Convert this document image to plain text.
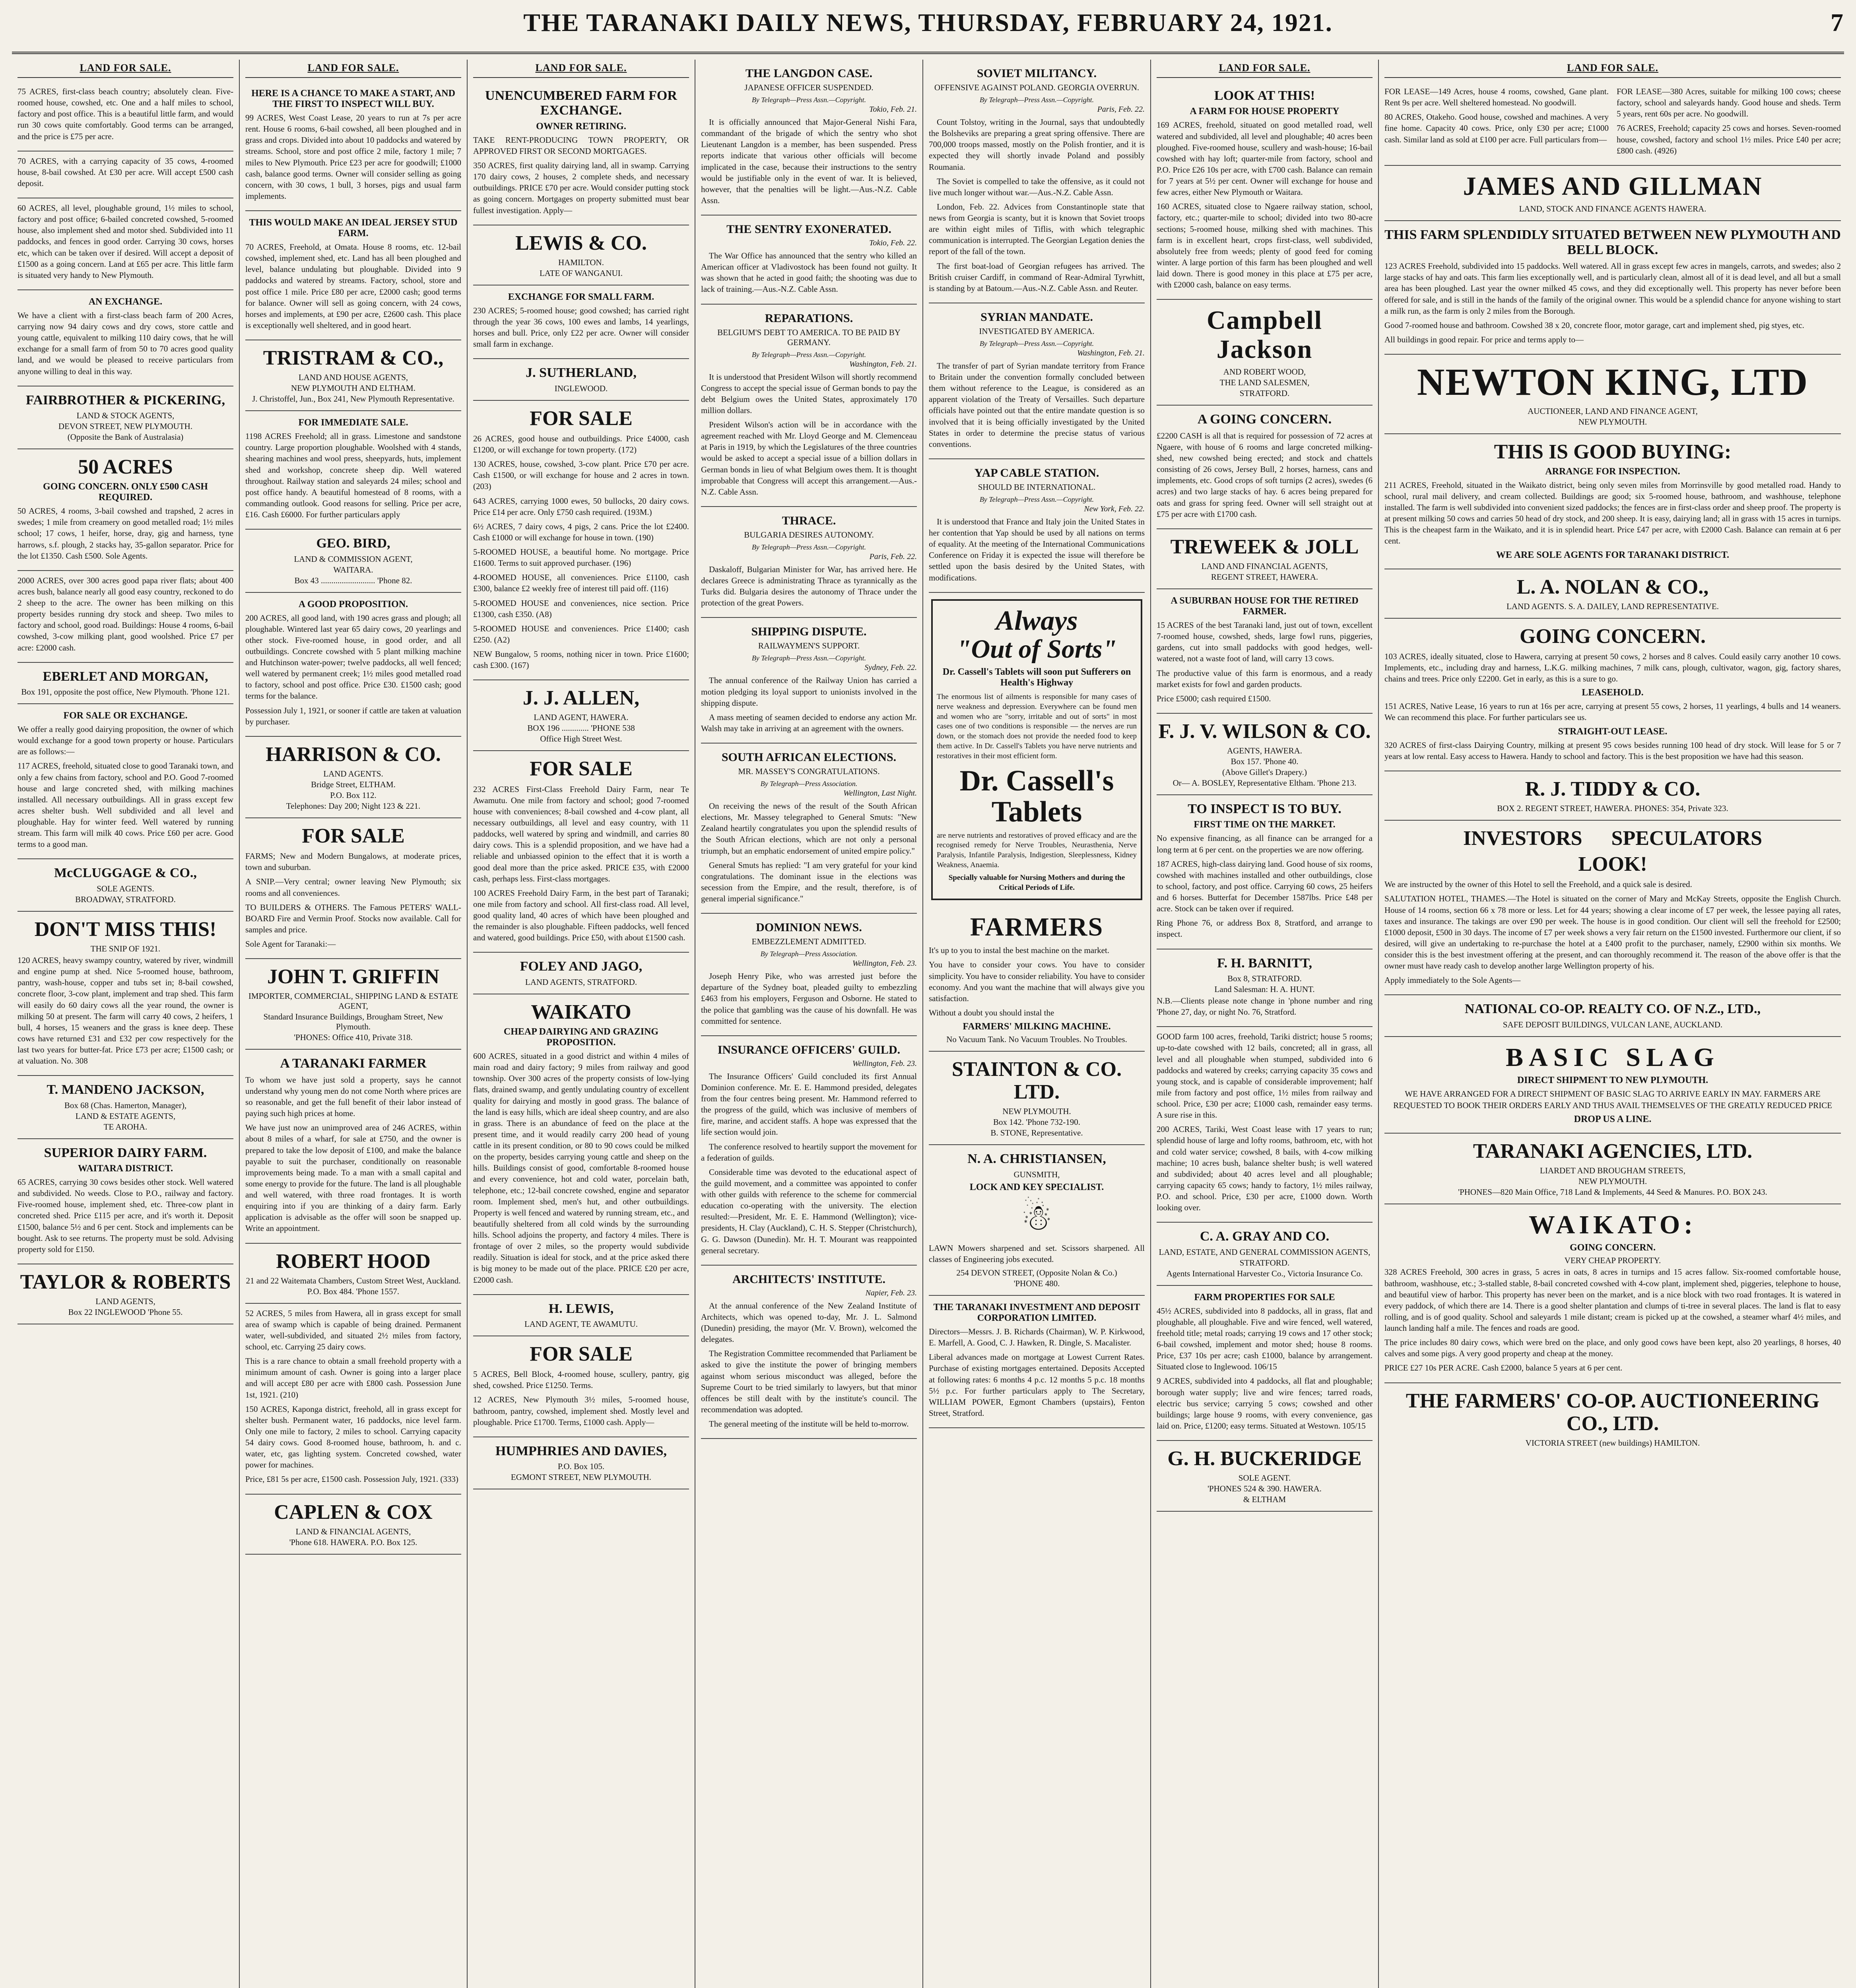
THE TARANAKI DAILY NEWS, THURSDAY, FEBRUARY 24, 1921.	7
LAND FOR SALE.

75 ACRES, first-class beach country; absolutely clean. Five-roomed house, cowshed, etc. One and a half miles to school, factory and post office. This is a beautiful little farm, and would run 30 cows quite comfortably. Good terms can be arranged, and the price is £75 per acre.

70 ACRES, with a carrying capacity of 35 cows, 4-roomed house, 8-bail cowshed. At £30 per acre. Will accept £500 cash deposit.

60 ACRES, all level, ploughable ground, 1½ miles to school, factory and post office; 6-bailed concreted cowshed, 5-roomed house, also implement shed and motor shed. Subdivided into 11 paddocks, and fences in good order. Carrying 30 cows, horses etc, which can be taken over if desired. Will accept a deposit of £1500 as a going concern. Land at £65 per acre. This little farm is situated very handy to New Plymouth.

AN EXCHANGE.

We have a client with a first-class beach farm of 200 Acres, carrying now 94 dairy cows and dry cows, store cattle and young cattle, equivalent to milking 110 dairy cows, that he will exchange for a small farm of from 50 to 70 acres good quality land, and we would be pleased to receive particulars from anyone willing to deal in this way.

FAIRBROTHER & PICKERING,
LAND & STOCK AGENTS,
DEVON STREET, NEW PLYMOUTH.
(Opposite the Bank of Australasia)
50 ACRES
GOING CONCERN. ONLY £500 CASH REQUIRED.

50 ACRES, 4 rooms, 3-bail cowshed and trapshed, 2 acres in swedes; 1 mile from creamery on good metalled road; 1½ miles school; 17 cows, 1 heifer, horse, dray, gig and harness, tyne harrows, s.f. plough, 2 stacks hay, 35-gallon separator. Price for the lot £1350. Cash £500. Sole Agents.

2000 ACRES, over 300 acres good papa river flats; about 400 acres bush, balance nearly all good easy country, reckoned to do 2 sheep to the acre. The owner has been milking on this property besides running dry stock and sheep. Two miles to factory and school, good road. Buildings: House 4 rooms, 6-bail cowshed, 3-cow milking plant, good woolshed. Price £7 per acre: £2000 cash.

EBERLET AND MORGAN,
Box 191, opposite the post office, New Plymouth. 'Phone 121.
FOR SALE OR EXCHANGE.

We offer a really good dairying proposition, the owner of which would exchange for a good town property or house. Particulars are as follows:—

117 ACRES, freehold, situated close to good Taranaki town, and only a few chains from factory, school and P.O. Good 7-roomed house and large concreted shed, with milking machines installed. All necessary outbuildings. All in grass except few acres shelter bush. Well subdivided and all level and ploughable. Hay for winter feed. Well watered by running stream. This farm will milk 40 cows. Price £60 per acre. Good terms to a good man.

McCLUGGAGE & CO.,
SOLE AGENTS.
BROADWAY, STRATFORD.
DON'T MISS THIS!
THE SNIP OF 1921.

120 ACRES, heavy swampy country, watered by river, windmill and engine pump at shed. Nice 5-roomed house, bathroom, pantry, wash-house, copper and tubs set in; 8-bail cowshed, concrete floor, 3-cow plant, implement and trap shed. This farm will easily do 60 dairy cows all the year round, the owner is milking 50 at present. The farm will carry 40 cows, 2 heifers, 1 bull, 4 horses, 15 weaners and the grass is knee deep. These cows have returned £31 and £32 per cow respectively for the last two years for butter-fat. Price £73 per acre; £1500 cash; or at valuation. No. 308

T. MANDENO JACKSON,
Box 68 (Chas. Hamerton, Manager),
LAND & ESTATE AGENTS,
TE AROHA.
SUPERIOR DAIRY FARM.
WAITARA DISTRICT.

65 ACRES, carrying 30 cows besides other stock. Well watered and subdivided. No weeds. Close to P.O., railway and factory. Five-roomed house, implement shed, etc. Three-cow plant in concreted shed. Price £115 per acre, and it's worth it. Deposit £1500, balance 5½ and 6 per cent. Stock and implements can be bought. Ask to see returns. The property must be sold. Advising property sold for £150.

TAYLOR & ROBERTS
LAND AGENTS,
Box 22 INGLEWOOD 'Phone 55.
LAND FOR SALE.
HERE IS A CHANCE TO MAKE A START, AND THE FIRST TO INSPECT WILL BUY.

99 ACRES, West Coast Lease, 20 years to run at 7s per acre rent. House 6 rooms, 6-bail cowshed, all been ploughed and in grass and crops. Divided into about 10 paddocks and watered by streams. School, store and post office 2 mile, factory 1 mile; 7 miles to New Plymouth. Price £23 per acre for goodwill; £1000 cash, balance good terms. Owner will consider selling as going concern, with 30 cows, 1 bull, 3 horses, pigs and usual farm implements.

THIS WOULD MAKE AN IDEAL JERSEY STUD FARM.

70 ACRES, Freehold, at Omata. House 8 rooms, etc. 12-bail cowshed, implement shed, etc. Land has all been ploughed and level, balance undulating but ploughable. Divided into 9 paddocks and watered by streams. Factory, school, store and post office 1 mile. Price £80 per acre, £2000 cash; good terms for balance. Owner will sell as going concern, with 24 cows, horses and implements, at £90 per acre, £2600 cash. This place is exceptionally well sheltered, and in good heart.

TRISTRAM & CO.,
LAND AND HOUSE AGENTS,
NEW PLYMOUTH AND ELTHAM.
J. Christoffel, Jun., Box 241, New Plymouth Representative.
FOR IMMEDIATE SALE.

1198 ACRES Freehold; all in grass. Limestone and sandstone country. Large proportion ploughable. Woolshed with 4 stands, shearing machines and wool press, sheepyards, huts, implement shed and workshop, concrete sheep dip. Well watered throughout. Railway station and saleyards 24 miles; school and post office handy. A beautiful homestead of 8 rooms, with a commanding outlook. Good reasons for selling. Price per acre, £16. Cash £6000. For further particulars apply

GEO. BIRD,
LAND & COMMISSION AGENT,
WAITARA.
Box 43 .......................... 'Phone 82.
A GOOD PROPOSITION.

200 ACRES, all good land, with 190 acres grass and plough; all ploughable. Wintered last year 65 dairy cows, 20 yearlings and other stock. Five-roomed house, in good order, and all outbuildings. Concrete cowshed with 5 plant milking machine and Hutchinson water-power; twelve paddocks, all well fenced; well watered by permanent creek; 1½ miles good metalled road to factory, school and post office. Price £30. £1500 cash; good terms for the balance.

Possession July 1, 1921, or sooner if cattle are taken at valuation by purchaser.

HARRISON & CO.
LAND AGENTS.
Bridge Street, ELTHAM.
P.O. Box 112.
Telephones: Day 200; Night 123 & 221.
FOR SALE

FARMS; New and Modern Bungalows, at moderate prices, town and suburban.

A SNIP.—Very central; owner leaving New Plymouth; six rooms and all conveniences.

TO BUILDERS & OTHERS. The Famous PETERS' WALL-BOARD Fire and Vermin Proof. Stocks now available. Call for samples and price.

Sole Agent for Taranaki:—

JOHN T. GRIFFIN
IMPORTER, COMMERCIAL, SHIPPING LAND & ESTATE AGENT,
Standard Insurance Buildings, Brougham Street, New Plymouth.
'PHONES: Office 410, Private 318.
A TARANAKI FARMER

To whom we have just sold a property, says he cannot understand why young men do not come North where prices are so reasonable, and get the full benefit of their labor instead of paying such high prices at home.

We have just now an unimproved area of 246 ACRES, within about 8 miles of a wharf, for sale at £750, and the owner is prepared to take the low deposit of £100, and make the balance payable to suit the purchaser, conditionally on reasonable improvements being made. To a man with a small capital and some energy to provide for the future. The land is all ploughable and well watered, with three road frontages. It is worth enquiring into if you are thinking of a dairy farm. Early application is advisable as the offer will soon be snapped up. Write an appointment.

ROBERT HOOD
21 and 22 Waitemata Chambers, Custom Street West, Auckland.
P.O. Box 484. 'Phone 1557.

52 ACRES, 5 miles from Hawera, all in grass except for small area of swamp which is capable of being drained. Permanent water, well-subdivided, and situated 2½ miles from factory, school, etc. Carrying 25 dairy cows.

This is a rare chance to obtain a small freehold property with a minimum amount of cash. Owner is going into a larger place and will accept £80 per acre with £800 cash. Possession June 1st, 1921. (210)

150 ACRES, Kaponga district, freehold, all in grass except for shelter bush. Permanent water, 16 paddocks, nice level farm. Only one mile to factory, 2 miles to school. Carrying capacity 54 dairy cows. Good 8-roomed house, bathroom, h. and c. water, etc, gas lighting system. Concreted cowshed, water power for machines.

Price, £81 5s per acre, £1500 cash. Possession July, 1921. (333)

CAPLEN & COX
LAND & FINANCIAL AGENTS,
'Phone 618. HAWERA. P.O. Box 125.
LAND FOR SALE.
UNENCUMBERED FARM FOR EXCHANGE.
OWNER RETIRING.

TAKE RENT-PRODUCING TOWN PROPERTY, OR APPROVED FIRST OR SECOND MORTGAGES.

350 ACRES, first quality dairying land, all in swamp. Carrying 170 dairy cows, 2 houses, 2 complete sheds, and necessary outbuildings. PRICE £70 per acre. Would consider putting stock as going concern. Mortgages on property submitted must bear fullest investigation. Apply—

LEWIS & CO.
HAMILTON.
LATE OF WANGANUI.
EXCHANGE FOR SMALL FARM.

230 ACRES; 5-roomed house; good cowshed; has carried right through the year 36 cows, 100 ewes and lambs, 14 yearlings, horses and bull. Price, only £22 per acre. Owner will consider small farm in exchange.

J. SUTHERLAND,
INGLEWOOD.
FOR SALE

26 ACRES, good house and outbuildings. Price £4000, cash £1200, or will exchange for town property. (172)

130 ACRES, house, cowshed, 3-cow plant. Price £70 per acre. Cash £1500, or will exchange for house and 2 acres in town. (203)

643 ACRES, carrying 1000 ewes, 50 bullocks, 20 dairy cows. Price £14 per acre. Only £750 cash required. (193M.)

6½ ACRES, 7 dairy cows, 4 pigs, 2 cans. Price the lot £2400. Cash £1000 or will exchange for house in town. (190)

5-ROOMED HOUSE, a beautiful home. No mortgage. Price £1600. Terms to suit approved purchaser. (196)

4-ROOMED HOUSE, all conveniences. Price £1100, cash £300, balance £2 weekly free of interest till paid off. (116)

5-ROOMED HOUSE and conveniences, nice section. Price £1300, cash £350. (A8)

5-ROOMED HOUSE and conveniences. Price £1400; cash £250. (A2)

NEW Bungalow, 5 rooms, nothing nicer in town. Price £1600; cash £300. (167)

J. J. ALLEN,
LAND AGENT, HAWERA.
BOX 196 ............. 'PHONE 538
Office High Street West.
FOR SALE

232 ACRES First-Class Freehold Dairy Farm, near Te Awamutu. One mile from factory and school; good 7-roomed house with conveniences; 8-bail cowshed and 4-cow plant, all necessary outbuildings, all level and easy country, with 11 paddocks, well watered by spring and windmill, and carries 80 dairy cows. This is a splendid proposition, and we have had a reliable and unbiassed opinion to the effect that it is worth a good deal more than the price asked. PRICE £35, with £2000 cash, perhaps less. First-class mortgages.

100 ACRES Freehold Dairy Farm, in the best part of Taranaki; one mile from factory and school. All first-class road. All level, good quality land, 40 acres of which have been ploughed and the remainder is also ploughable. Fifteen paddocks, well fenced and watered, good buildings. Price £50, with about £1500 cash.

FOLEY AND JAGO,
LAND AGENTS, STRATFORD.
WAIKATO
CHEAP DAIRYING AND GRAZING PROPOSITION.

600 ACRES, situated in a good district and within 4 miles of main road and dairy factory; 9 miles from railway and good township. Over 300 acres of the property consists of low-lying flats, drained swamp, and gently undulating country of excellent quality for dairying and mostly in good grass. The balance of the land is easy hills, which are ideal sheep country, and are also in grass. There is an abundance of feed on the place at the present time, and it would readily carry 200 head of young cattle in its present condition, or 80 to 90 cows could be milked on the property, besides carrying young cattle and sheep on the hills. Buildings consist of good, comfortable 8-roomed house and every convenience, hot and cold water, porcelain bath, telephone, etc.; 12-bail concrete cowshed, engine and separator room. Implement shed, men's hut, and other outbuildings. Property is well fenced and watered by running stream, etc., and beautifully sheltered from all cold winds by the surrounding hills. School adjoins the property, and factory 4 miles. There is frontage of over 2 miles, so the property would subdivide readily. Situation is ideal for stock, and at the price asked there is big money to be made out of the place. PRICE £20 per acre, £2000 cash.

H. LEWIS,
LAND AGENT, TE AWAMUTU.
FOR SALE

5 ACRES, Bell Block, 4-roomed house, scullery, pantry, gig shed, cowshed. Price £1250. Terms.

12 ACRES, New Plymouth 3½ miles, 5-roomed house, bathroom, pantry, cowshed, implement shed. Mostly level and ploughable. Price £1700. Terms, £1000 cash. Apply—

HUMPHRIES AND DAVIES,
P.O. Box 105.
EGMONT STREET, NEW PLYMOUTH.
THE LANGDON CASE.
JAPANESE OFFICER SUSPENDED.
By Telegraph—Press Assn.—Copyright.
Tokio, Feb. 21.

It is officially announced that Major-General Nishi Fara, commandant of the brigade of which the sentry who shot Lieutenant Langdon is a member, has been suspended. Press reports indicate that various other officials will become implicated in the case, because their instructions to the sentry would be justifiable only in the event of war. It is believed, however, that the penalties will be light.—Aus.-N.Z. Cable Assn.

THE SENTRY EXONERATED.
Tokio, Feb. 22.

The War Office has announced that the sentry who killed an American officer at Vladivostock has been found not guilty. It was shown that he acted in good faith; the shooting was due to lack of training.—Aus.-N.Z. Cable Assn.

REPARATIONS.
BELGIUM'S DEBT TO AMERICA. TO BE PAID BY GERMANY.
By Telegraph—Press Assn.—Copyright.
Washington, Feb. 21.

It is understood that President Wilson will shortly recommend Congress to accept the special issue of German bonds to pay the debt Belgium owes the United States, approximately 170 million dollars.

President Wilson's action will be in accordance with the agreement reached with Mr. Lloyd George and M. Clemenceau at Paris in 1919, by which the Legislatures of the three countries would be asked to accept a special issue of a billion dollars in German bonds in lieu of what Belgium owes them. It is thought improbable that Congress will accept this arrangement.—Aus.-N.Z. Cable Assn.

THRACE.
BULGARIA DESIRES AUTONOMY.
By Telegraph—Press Assn.—Copyright.
Paris, Feb. 22.

Daskaloff, Bulgarian Minister for War, has arrived here. He declares Greece is administrating Thrace as tyrannically as the Turks did. Bulgaria desires the autonomy of Thrace under the protection of the great Powers.

SHIPPING DISPUTE.
RAILWAYMEN'S SUPPORT.
By Telegraph—Press Assn.—Copyright.
Sydney, Feb. 22.

The annual conference of the Railway Union has carried a motion pledging its loyal support to unionists involved in the shipping dispute.

A mass meeting of seamen decided to endorse any action Mr. Walsh may take in arriving at an agreement with the owners.

SOUTH AFRICAN ELECTIONS.
MR. MASSEY'S CONGRATULATIONS.
By Telegraph—Press Association.
Wellington, Last Night.

On receiving the news of the result of the South African elections, Mr. Massey telegraphed to General Smuts: "New Zealand heartily congratulates you upon the splendid results of the South African elections, which are not only a personal triumph, but an emphatic endorsement of united empire policy."

General Smuts has replied: "I am very grateful for your kind congratulations. The dominant issue in the elections was secession from the Empire, and the result, therefore, is of general imperial significance."

DOMINION NEWS.
EMBEZZLEMENT ADMITTED.
By Telegraph—Press Association.
Wellington, Feb. 23.

Joseph Henry Pike, who was arrested just before the departure of the Sydney boat, pleaded guilty to embezzling £463 from his employers, Ferguson and Osborne. He stated to the police that gambling was the cause of his downfall. He was committed for sentence.

INSURANCE OFFICERS' GUILD.
Wellington, Feb. 23.

The Insurance Officers' Guild concluded its first Annual Dominion conference. Mr. E. E. Hammond presided, delegates from the four centres being present. Mr. Hammond referred to the progress of the guild, which was inclusive of members of fire, marine, and accident staffs. A hope was expressed that the life section would join.

The conference resolved to heartily support the movement for a federation of guilds.

Considerable time was devoted to the educational aspect of the guild movement, and a committee was appointed to confer with other guilds with reference to the scheme for commercial education co-operating with the university. The election resulted:—President, Mr. E. E. Hammond (Wellington); vice-presidents, H. Clay (Auckland), C. H. S. Stepper (Christchurch), G. G. Dawson (Dunedin). Mr. H. T. Mourant was reappointed general secretary.

ARCHITECTS' INSTITUTE.
Napier, Feb. 23.

At the annual conference of the New Zealand Institute of Architects, which was opened to-day, Mr. J. L. Salmond (Dunedin) presiding, the mayor (Mr. V. Brown), welcomed the delegates.

The Registration Committee recommended that Parliament be asked to give the institute the power of bringing members against whom serious misconduct was alleged, before the Supreme Court to be tried similarly to lawyers, but that minor offences be still dealt with by the institute's council. The recommendation was adopted.

The general meeting of the institute will be held to-morrow.

SOVIET MILITANCY.
OFFENSIVE AGAINST POLAND. GEORGIA OVERRUN.
By Telegraph—Press Assn.—Copyright.
Paris, Feb. 22.

Count Tolstoy, writing in the Journal, says that undoubtedly the Bolsheviks are preparing a great spring offensive. There are 700,000 troops massed, mostly on the Polish frontier, and it is expected they will shortly invade Poland and possibly Roumania.

The Soviet is compelled to take the offensive, as it could not live much longer without war.—Aus.-N.Z. Cable Assn.

London, Feb. 22. Advices from Constantinople state that news from Georgia is scanty, but it is known that Soviet troops are within eight miles of Tiflis, with which telegraphic communication is interrupted. The Georgian Legation denies the report of the fall of the town.

The first boat-load of Georgian refugees has arrived. The British cruiser Cardiff, in command of Rear-Admiral Tyrwhitt, is standing by at Batoum.—Aus.-N.Z. Cable Assn. and Reuter.

SYRIAN MANDATE.
INVESTIGATED BY AMERICA.
By Telegraph—Press Assn.—Copyright.
Washington, Feb. 21.

The transfer of part of Syrian mandate territory from France to Britain under the convention formally concluded between them without reference to the League, is considered as an apparent violation of the Treaty of Versailles. Such departure officials have pointed out that the entire mandate question is so involved that it is being officially investigated by the United States in order to determine the precise status of various conventions.

YAP CABLE STATION.
SHOULD BE INTERNATIONAL.
By Telegraph—Press Assn.—Copyright.
New York, Feb. 22.

It is understood that France and Italy join the United States in her contention that Yap should be used by all nations on terms of equality. At the meeting of the International Communications Conference on Friday it is expected the issue will therefore be settled upon the basis desired by the United States, with modifications.

Always
"Out of Sorts"
Dr. Cassell's Tablets will soon put Sufferers on Health's Highway
The enormous list of ailments is responsible for many cases of nerve weakness and depression. Everywhere can be found men and women who are "sorry, irritable and out of sorts" in most cases one of two conditions is responsible — the nerves are run down, or the stomach does not provide the needed food to keep them active. In Dr. Cassell's Tablets you have nerve nutrients and restoratives in their most efficient form.
Dr. Cassell's Tablets
are nerve nutrients and restoratives of proved efficacy and are the recognised remedy for Nerve Troubles, Neurasthenia, Nerve Paralysis, Infantile Paralysis, Indigestion, Sleeplessness, Kidney Weakness, Anaemia.
Specially valuable for Nursing Mothers and during the Critical Periods of Life.
FARMERS

It's up to you to instal the best machine on the market.

You have to consider your cows. You have to consider simplicity. You have to consider reliability. You have to consider economy. And you want the machine that will always give you satisfaction.

Without a doubt you should instal the

FARMERS' MILKING MACHINE.
No Vacuum Tank. No Vacuum Troubles. No Troubles.
STAINTON & CO. LTD.
NEW PLYMOUTH.
Box 142. 'Phone 732-190.
B. STONE, Representative.
N. A. CHRISTIANSEN,
GUNSMITH,
LOCK AND KEY SPECIALIST.
☃

LAWN Mowers sharpened and set. Scissors sharpened. All classes of Engineering jobs executed.

254 DEVON STREET, (Opposite Nolan & Co.)
'PHONE 480.
THE TARANAKI INVESTMENT AND DEPOSIT CORPORATION LIMITED.

Directors—Messrs. J. B. Richards (Chairman), W. P. Kirkwood, E. Marfell, A. Good, C. J. Hawken, R. Dingle, S. Macalister.

Liberal advances made on mortgage at Lowest Current Rates. Purchase of existing mortgages entertained. Deposits Accepted at following rates: 6 months 4 p.c. 12 months 5 p.c. 18 months 5½ p.c. For further particulars apply to The Secretary, WILLIAM POWER, Egmont Chambers (upstairs), Fenton Street, Stratford.

LAND FOR SALE.
LOOK AT THIS!
A FARM FOR HOUSE PROPERTY

169 ACRES, freehold, situated on good metalled road, well watered and subdivided, all level and ploughable; 40 acres been ploughed. Five-roomed house, scullery and wash-house; 16-bail cowshed with hay loft; quarter-mile from factory, school and P.O. Price £26 10s per acre, with £700 cash. Balance can remain for 7 years at 5½ per cent. Owner will exchange for house and few acres, either New Plymouth or Waitara.

160 ACRES, situated close to Ngaere railway station, school, factory, etc.; quarter-mile to school; divided into two 80-acre sections; 5-roomed house, milking shed with machines. This farm is in excellent heart, crops first-class, well subdivided, absolutely free from weeds; plenty of good feed for coming winter. A large portion of this farm has been ploughed and well laid down. There is good money in this place at £75 per acre, with £2000 cash, balance on easy terms.

Campbell Jackson
AND ROBERT WOOD,
THE LAND SALESMEN,
STRATFORD.
A GOING CONCERN.

£2200 CASH is all that is required for possession of 72 acres at Ngaere, with house of 6 rooms and large concreted milking-shed, new cowshed being erected; and stock and chattels consisting of 26 cows, Jersey Bull, 2 horses, harness, cans and implements, etc. Good crops of soft turnips (2 acres), swedes (6 acres) and two large stacks of hay. 6 acres being prepared for oats and grass for spring feed. Owner will sell straight out at £75 per acre with £1700 cash.

TREWEEK & JOLL
LAND AND FINANCIAL AGENTS,
REGENT STREET, HAWERA.
A SUBURBAN HOUSE FOR THE RETIRED FARMER.

15 ACRES of the best Taranaki land, just out of town, excellent 7-roomed house, cowshed, sheds, large fowl runs, piggeries, gardens, cut into small paddocks with good hedges, well-watered, not a waste foot of land, will carry 13 cows.

The productive value of this farm is enormous, and a ready market exists for fowl and garden products.

Price £5000; cash required £1500.

F. J. V. WILSON & CO.
AGENTS, HAWERA.
Box 157. 'Phone 40.
(Above Gillet's Drapery.)
Or— A. BOSLEY, Representative Eltham. 'Phone 213.
TO INSPECT IS TO BUY.
FIRST TIME ON THE MARKET.

No expensive financing, as all finance can be arranged for a long term at 6 per cent. on the properties we are now offering.

187 ACRES, high-class dairying land. Good house of six rooms, cowshed with machines installed and other outbuildings, close to school, factory, and post office. Carrying 60 cows, 25 heifers and 6 horses. Butterfat for December 1587lbs. Price £48 per acre. Stock can be taken over if required.

Ring Phone 76, or address Box 8, Stratford, and arrange to inspect.

F. H. BARNITT,
Box 8, STRATFORD.
Land Salesman: H. A. HUNT.

N.B.—Clients please note change in 'phone number and ring 'Phone 27, day, or night No. 76, Stratford.

GOOD farm 100 acres, freehold, Tariki district; house 5 rooms; up-to-date cowshed with 12 bails, concreted; all in grass, all level and all ploughable when stumped, subdivided into 6 paddocks and watered by creeks; carrying capacity 35 cows and young stock, and is capable of considerable improvement; half mile from factory and post office, 1½ miles from railway and school. Price, £30 per acre; £1000 cash, remainder easy terms. A sure rise in this.

200 ACRES, Tariki, West Coast lease with 17 years to run; splendid house of large and lofty rooms, bathroom, etc, with hot and cold water service; cowshed, 8 bails, with 4-cow milking machine; 10 acres bush, balance shelter bush; is well watered and subdivided; about 40 acres level and all ploughable; carrying capacity 65 cows; handy to factory, 1½ miles railway, P.O. and school. Price, £30 per acre, £1000 down. Worth looking over.

C. A. GRAY AND CO.
LAND, ESTATE, AND GENERAL COMMISSION AGENTS,
STRATFORD.
Agents International Harvester Co., Victoria Insurance Co.
FARM PROPERTIES FOR SALE

45½ ACRES, subdivided into 8 paddocks, all in grass, flat and ploughable, all ploughable. Five and wire fenced, well watered, freehold title; metal roads; carrying 19 cows and 17 other stock; 6-bail cowshed, implement and motor shed; house 8 rooms. Price, £37 10s per acre; cash £1000, balance by arrangement. Situated close to Inglewood. 106/15

9 ACRES, subdivided into 4 paddocks, all flat and ploughable; borough water supply; live and wire fences; tarred roads, electric bus service; carrying 5 cows; cowshed and other buildings; large house 9 rooms, with every convenience, gas laid on. Price, £1200; easy terms. Situated at Westown. 105/15

G. H. BUCKERIDGE
SOLE AGENT.
'PHONES 524 & 390. HAWERA.
& ELTHAM
LAND FOR SALE.

FOR LEASE—149 Acres, house 4 rooms, cowshed, Gane plant. Rent 9s per acre. Well sheltered homestead. No goodwill.

80 ACRES, Otakeho. Good house, cowshed and machines. A very fine home. Capacity 40 cows. Price, only £30 per acre; £1000 cash. Similar land as sold at £100 per acre. Full particulars from—

FOR LEASE—380 Acres, suitable for milking 100 cows; cheese factory, school and saleyards handy. Good house and sheds. Term 5 years, rent 60s per acre. No goodwill.

76 ACRES, Freehold; capacity 25 cows and horses. Seven-roomed house, cowshed, factory and school 1½ miles. Price £40 per acre; £800 cash. (4926)

JAMES AND GILLMAN
LAND, STOCK AND FINANCE AGENTS HAWERA.
THIS FARM SPLENDIDLY SITUATED BETWEEN NEW PLYMOUTH AND BELL BLOCK.

123 ACRES Freehold, subdivided into 15 paddocks. Well watered. All in grass except few acres in mangels, carrots, and swedes; also 2 large stacks of hay and oats. This farm lies exceptionally well, and is particularly clean, almost all of it is dead level, and all but a small area has been ploughed. Last year the owner milked 45 cows, and they did exceptionally well. This property has never before been offered for sale, and is still in the hands of the family of the original owner. This would be a splendid chance for anyone wishing to start a milk run, as the farm is only 2 miles from the Borough.

Good 7-roomed house and bathroom. Cowshed 38 x 20, concrete floor, motor garage, cart and implement shed, pig styes, etc.

All buildings in good repair. For price and terms apply to—

NEWTON KING, LTD
AUCTIONEER, LAND AND FINANCE AGENT,
NEW PLYMOUTH.
THIS IS GOOD BUYING:
ARRANGE FOR INSPECTION.

211 ACRES, Freehold, situated in the Waikato district, being only seven miles from Morrinsville by good metalled road. Handy to school, rural mail delivery, and cream collected. Buildings are good; six 5-roomed house, bathroom, and washhouse, telephone installed. The farm is well subdivided into convenient sized paddocks; the fences are in first-class order and sheep proof. The property is at present milking 50 cows and carries 50 head of dry stock, and 200 sheep. It is easy, dairying land; all in grass with 15 acres in turnips. This is the cheapest farm in the Waikato, and it is in splendid heart. Price £47 per acre, with £2000 Cash. Balance can remain at 6 per cent.

WE ARE SOLE AGENTS FOR TARANAKI DISTRICT.
L. A. NOLAN & CO.,
LAND AGENTS. S. A. DAILEY, LAND REPRESENTATIVE.
GOING CONCERN.

103 ACRES, ideally situated, close to Hawera, carrying at present 50 cows, 2 horses and 8 calves. Could easily carry another 10 cows. Implements, etc., including dray and harness, L.K.G. milking machines, 7 milk cans, plough, cultivator, wagon, gig, factory shares, chains and trees. Price only £2200. Get in early, as this is a sure to go.

LEASEHOLD.

151 ACRES, Native Lease, 16 years to run at 16s per acre, carrying at present 55 cows, 2 horses, 11 yearlings, 4 bulls and 14 weaners. We can recommend this place. For further particulars see us.

STRAIGHT-OUT LEASE.

320 ACRES of first-class Dairying Country, milking at present 95 cows besides running 100 head of dry stock. Will lease for 5 or 7 years at low rental. Easy access to Hawera. Handy to school and factory. This is the best proposition we have had this season.

R. J. TIDDY & CO.
BOX 2. REGENT STREET, HAWERA. PHONES: 354, Private 323.
INVESTORS SPECULATORS
LOOK!

We are instructed by the owner of this Hotel to sell the Freehold, and a quick sale is desired.

SALUTATION HOTEL, THAMES.—The Hotel is situated on the corner of Mary and McKay Streets, opposite the English Church. House of 14 rooms, section 66 x 78 more or less. Let for 44 years; showing a clear income of £7 per week, the lessee paying all rates, taxes and insurance. The takings are over £90 per week. The house is in good condition. Our client will sell the freehold for £2500; £1000 deposit, £500 in 30 days. The income of £7 per week shows a very fair return on the £1500 invested. Furthermore our client, if so desired, will give an undertaking to re-purchase the hotel at a £400 profit to the purchaser, namely, £2900 within six months. We consider this is the best investment offering at the present, and can thoroughly recommend it. The reason of the above offer is that the owner must have ready cash to develop another large Wellington property of his.

Apply immediately to the Sole Agents—

NATIONAL CO-OP. REALTY CO. OF N.Z., LTD.,
SAFE DEPOSIT BUILDINGS, VULCAN LANE, AUCKLAND.
BASIC SLAG
DIRECT SHIPMENT TO NEW PLYMOUTH.

WE HAVE ARRANGED FOR A DIRECT SHIPMENT OF BASIC SLAG TO ARRIVE EARLY IN MAY. FARMERS ARE REQUESTED TO BOOK THEIR ORDERS EARLY AND THUS AVAIL THEMSELVES OF THE GREATLY REDUCED PRICE

DROP US A LINE.
TARANAKI AGENCIES, LTD.
LIARDET AND BROUGHAM STREETS,
NEW PLYMOUTH.
'PHONES—820 Main Office, 718 Land & Implements, 44 Seed & Manures. P.O. BOX 243.
WAIKATO:
GOING CONCERN.
VERY CHEAP PROPERTY.

328 ACRES Freehold, 300 acres in grass, 5 acres in oats, 8 acres in turnips and 15 acres fallow. Six-roomed comfortable house, bathroom, washhouse, etc.; 3-stalled stable, 8-bail concreted cowshed with 4-cow plant, implement shed, piggeries, telephone to house, and beautiful view of harbor. This property has never been on the market, and is a nice block with two road frontages. It is watered in every paddock, of which there are 14. There is a good shelter plantation and clumps of ti-tree in several places. The land is flat to easy rolling, and is of good quality. School and saleyards 1 mile distant; cream is picked up at the cowshed, a steamer wharf 4½ miles, and launch landing half a mile. The fences and roads are good.

The price includes 80 dairy cows, which were bred on the place, and only good cows have been kept, also 20 yearlings, 8 horses, 40 calves and some pigs. A very good property and cheap at the money.

PRICE £27 10s PER ACRE. Cash £2000, balance 5 years at 6 per cent.

THE FARMERS' CO-OP. AUCTIONEERING CO., LTD.
VICTORIA STREET (new buildings) HAMILTON.
